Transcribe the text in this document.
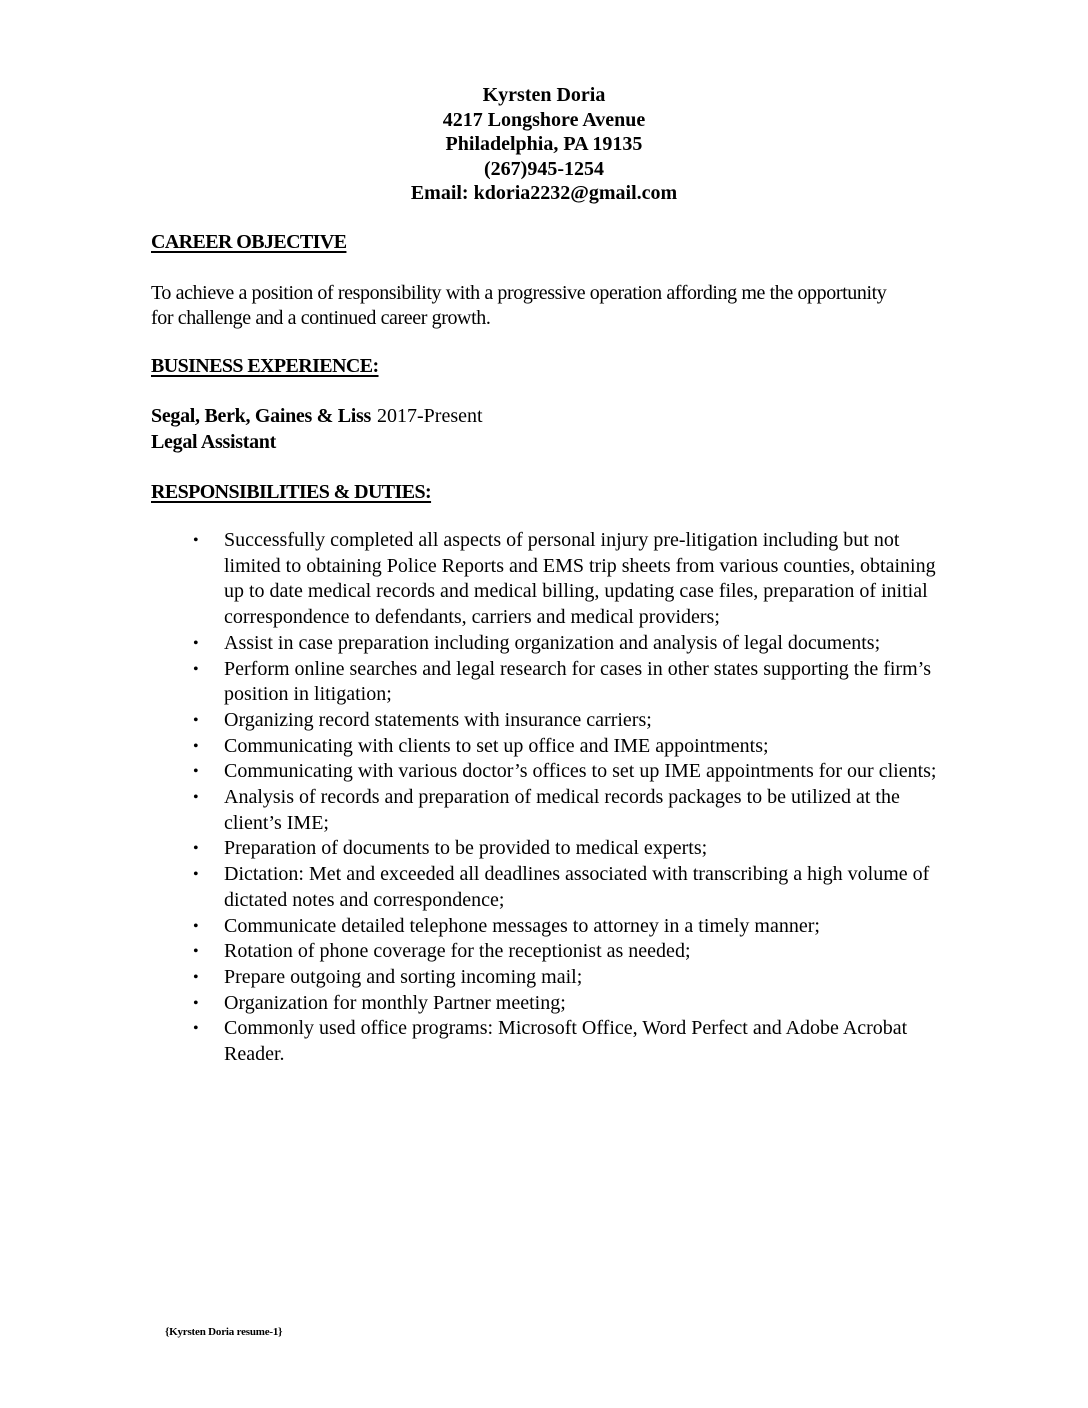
Kyrsten Doria
4217 Longshore Avenue
Philadelphia, PA 19135
(267)945-1254
Email: kdoria2232@gmail.com
CAREER OBJECTIVE

To achieve a position of responsibility with a progressive operation affording me the opportunity for challenge and a continued career growth.

BUSINESS EXPERIENCE:
Segal, Berk, Gaines & Liss 2017-Present
Legal Assistant
RESPONSIBILITIES & DUTIES:
• Successfully completed all aspects of personal injury pre-litigation including but not limited to obtaining Police Reports and EMS trip sheets from various counties, obtaining up to date medical records and medical billing, updating case files, preparation of initial correspondence to defendants, carriers and medical providers;
• Assist in case preparation including organization and analysis of legal documents;
• Perform online searches and legal research for cases in other states supporting the firm’s position in litigation;
• Organizing record statements with insurance carriers;
• Communicating with clients to set up office and IME appointments;
• Communicating with various doctor’s offices to set up IME appointments for our clients;
• Analysis of records and preparation of medical records packages to be utilized at the client’s IME;
• Preparation of documents to be provided to medical experts;
• Dictation: Met and exceeded all deadlines associated with transcribing a high volume of dictated notes and correspondence;
• Communicate detailed telephone messages to attorney in a timely manner;
• Rotation of phone coverage for the receptionist as needed;
• Prepare outgoing and sorting incoming mail;
• Organization for monthly Partner meeting;
• Commonly used office programs: Microsoft Office, Word Perfect and Adobe Acrobat Reader.
{Kyrsten Doria resume-1}
